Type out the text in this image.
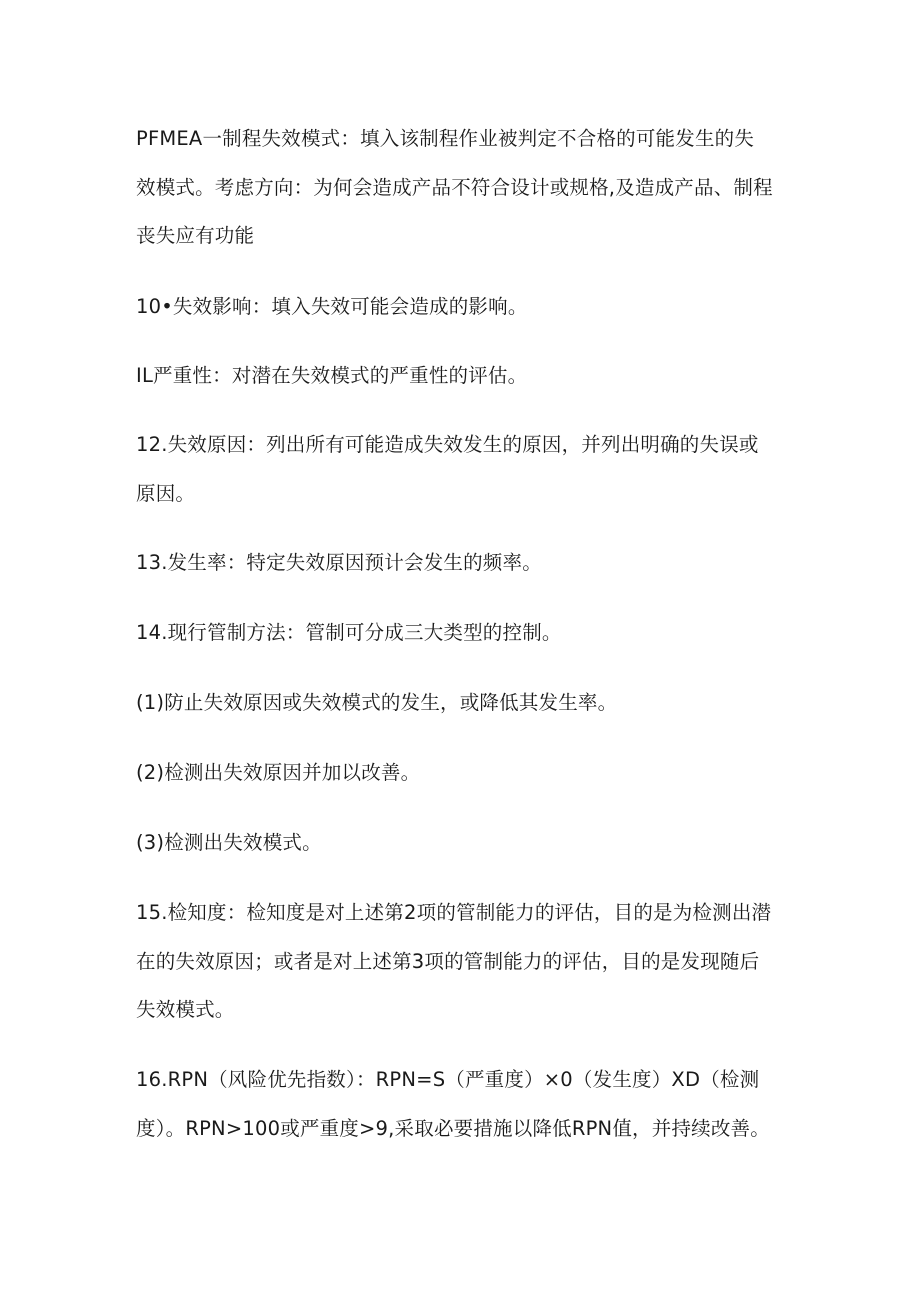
PFMEA一制程失效模式：填入该制程作业被判定不合格的可能发生的失
效模式。考虑方向：为何会造成产品不符合设计或规格,及造成产品、制程
丧失应有功能

10•失效影响：填入失效可能会造成的影响。

IL严重性：对潜在失效模式的严重性的评估。

12.失效原因：列出所有可能造成失效发生的原因，并列出明确的失误或
原因。

13.发生率：特定失效原因预计会发生的频率。

14.现行管制方法：管制可分成三大类型的控制。

(1)防止失效原因或失效模式的发生，或降低其发生率。

(2)检测出失效原因并加以改善。

(3)检测出失效模式。

15.检知度：检知度是对上述第2项的管制能力的评估，目的是为检测出潜
在的失效原因；或者是对上述第3项的管制能力的评估，目的是发现随后
失效模式。

16.RPN（风险优先指数）：RPN=S（严重度）×0（发生度）XD（检测
度）。RPN>100或严重度>9,采取必要措施以降低RPN值，并持续改善。
